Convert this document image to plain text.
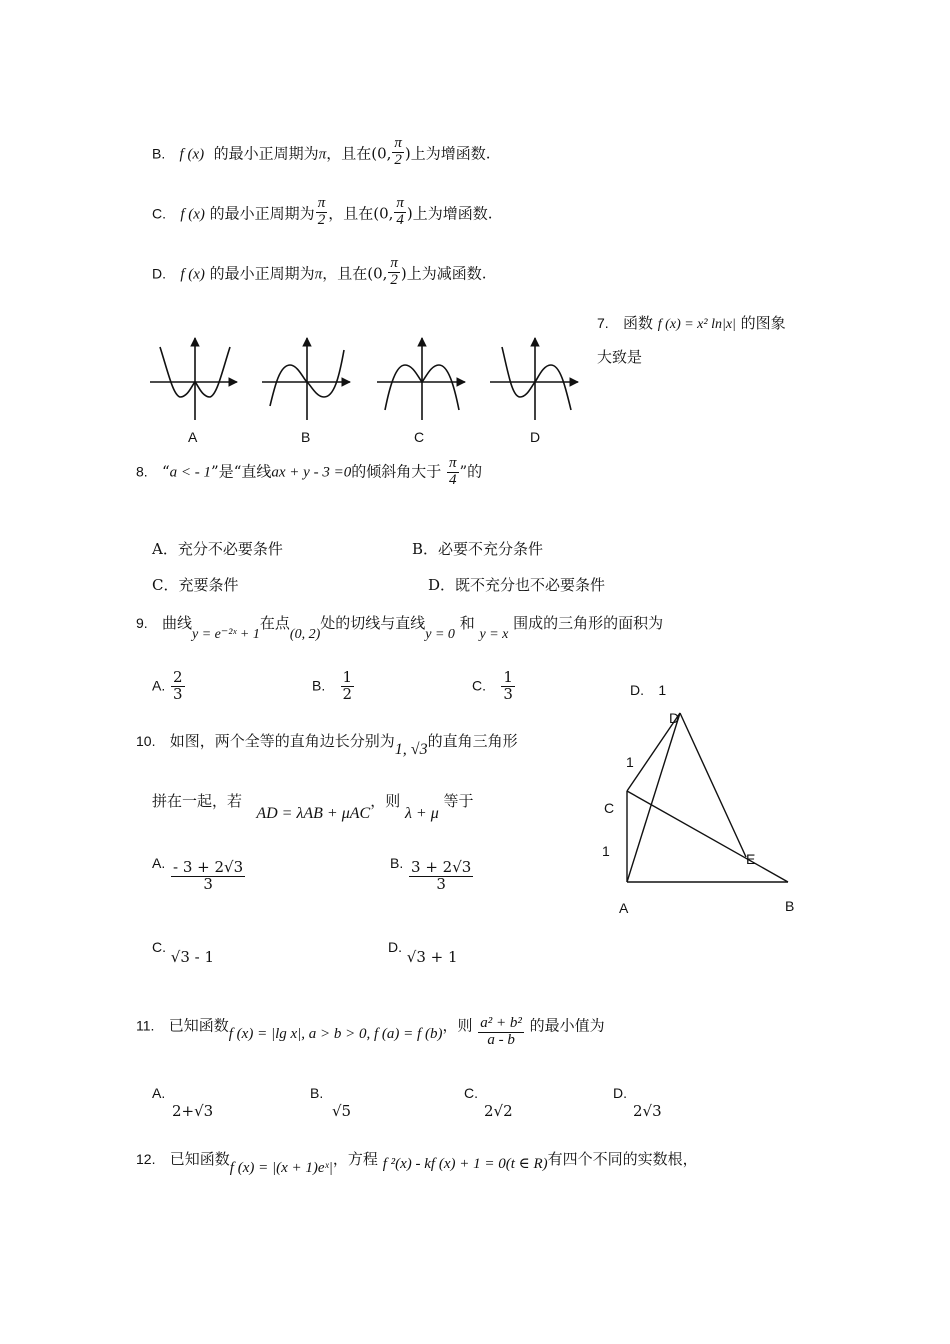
B. f (x) 的最小正周期为π，且在(0, $\frac{\pi}{2}$ )上为增函数.
C. f (x) 的最小正周期为 $\frac{\pi}{2}$ ，且在(0, $\frac{\pi}{4}$ )上为增函数.
D. f (x) 的最小正周期为π，且在(0, $\frac{\pi}{2}$ )上为减函数.
7. 函数 f (x) = x² ln|x| 的图象
大致是
A	B	C	D
8. “a < - 1”是“直线ax + y - 3 =0的倾斜角大于 $\frac{\pi}{4}$ ”的
A．充分不必要条件	B．必要不充分条件
C．充要条件	D．既不充分也不必要条件
9. 曲线y = e⁻²ˣ + 1在点(0, 2)处的切线与直线y = 0 和 y = x 围成的三角形的面积为
A. $\frac{2}{3}$	B. $\frac{1}{2}$	C. $\frac{1}{3}$	D. 1
10. 如图，两个全等的直角边长分别为1, √3的直角三角形
拼在一起，若   AD = λAB + μAC，则 λ + μ 等于
A. $\frac{- 3 + 2√3}{3}$	B. $\frac{3 + 2√3}{3}$
C. √3 - 1
D. √3 + 1
D
1
C
1	E
A	B
11. 已知函数f (x) = |lg x|, a > b > 0, f (a) = f (b)，则 $\frac{\text{a² + b²}}{a - b}$ 的最小值为
A.
2+√3
B.
√5
C.
2√2
D.
2√3
12. 已知函数f (x) = |(x + 1)eˣ|，方程 f ²(x) - kf (x) + 1 = 0(t ∈ R)有四个不同的实数根，
